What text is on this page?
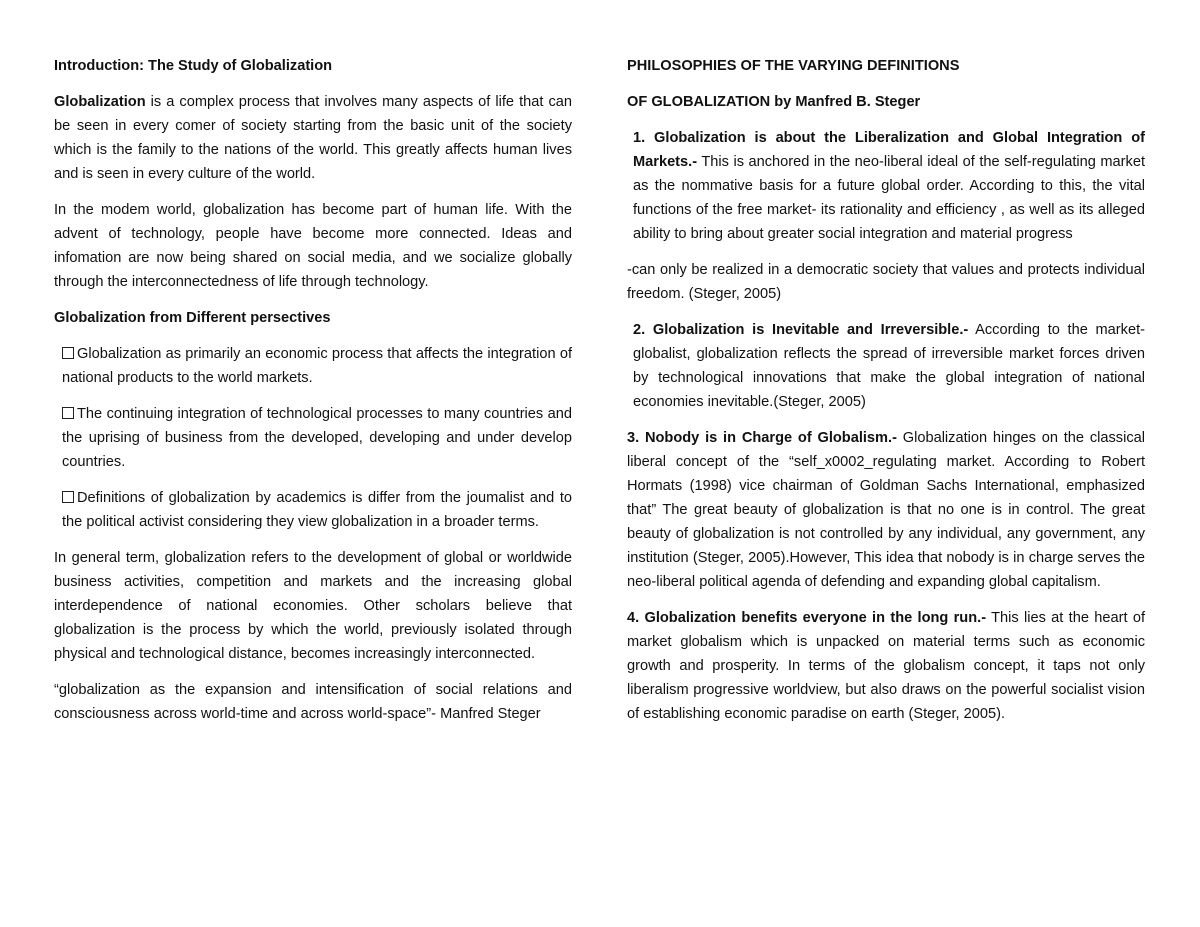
Introduction: The Study of Globalization

Globalization is a complex process that involves many aspects of life that can be seen in every comer of society starting from the basic unit of the society which is the family to the nations of the world. This greatly affects human lives and is seen in every culture of the world.

In the modem world, globalization has become part of human life. With the advent of technology, people have become more connected. Ideas and infomation are now being shared on social media, and we socialize globally through the interconnectedness of life through technology.

Globalization from Different persectives

Globalization as primarily an economic process that affects the integration of national products to the world markets.

The continuing integration of technological processes to many countries and the uprising of business from the developed, developing and under develop countries.

Definitions of globalization by academics is differ from the joumalist and to the political activist considering they view globalization in a broader terms.

In general term, globalization refers to the development of global or worldwide business activities, competition and markets and the increasing global interdependence of national economies. Other scholars believe that globalization is the process by which the world, previously isolated through physical and technological distance, becomes increasingly interconnected.

“globalization as the expansion and intensification of social relations and consciousness across world-time and across world-space”- Manfred Steger

PHILOSOPHIES OF THE VARYING DEFINITIONS

OF GLOBALIZATION by Manfred B. Steger

1. Globalization is about the Liberalization and Global Integration of Markets.- This is anchored in the neo-liberal ideal of the self-regulating market as the nommative basis for a future global order. According to this, the vital functions of the free market- its rationality and efficiency , as well as its alleged ability to bring about greater social integration and material progress

-can only be realized in a democratic society that values and protects individual freedom. (Steger, 2005)

2. Globalization is Inevitable and Irreversible.- According to the market-globalist, globalization reflects the spread of irreversible market forces driven by technological innovations that make the global integration of national economies inevitable.(Steger, 2005)

3. Nobody is in Charge of Globalism.- Globalization hinges on the classical liberal concept of the “self_x0002_regulating market. According to Robert Hormats (1998) vice chairman of Goldman Sachs International, emphasized that” The great beauty of globalization is that no one is in control. The great beauty of globalization is not controlled by any individual, any government, any institution (Steger, 2005).However, This idea that nobody is in charge serves the neo-liberal political agenda of defending and expanding global capitalism.

4. Globalization benefits everyone in the long run.- This lies at the heart of market globalism which is unpacked on material terms such as economic growth and prosperity. In terms of the globalism concept, it taps not only liberalism progressive worldview, but also draws on the powerful socialist vision of establishing economic paradise on earth (Steger, 2005).
